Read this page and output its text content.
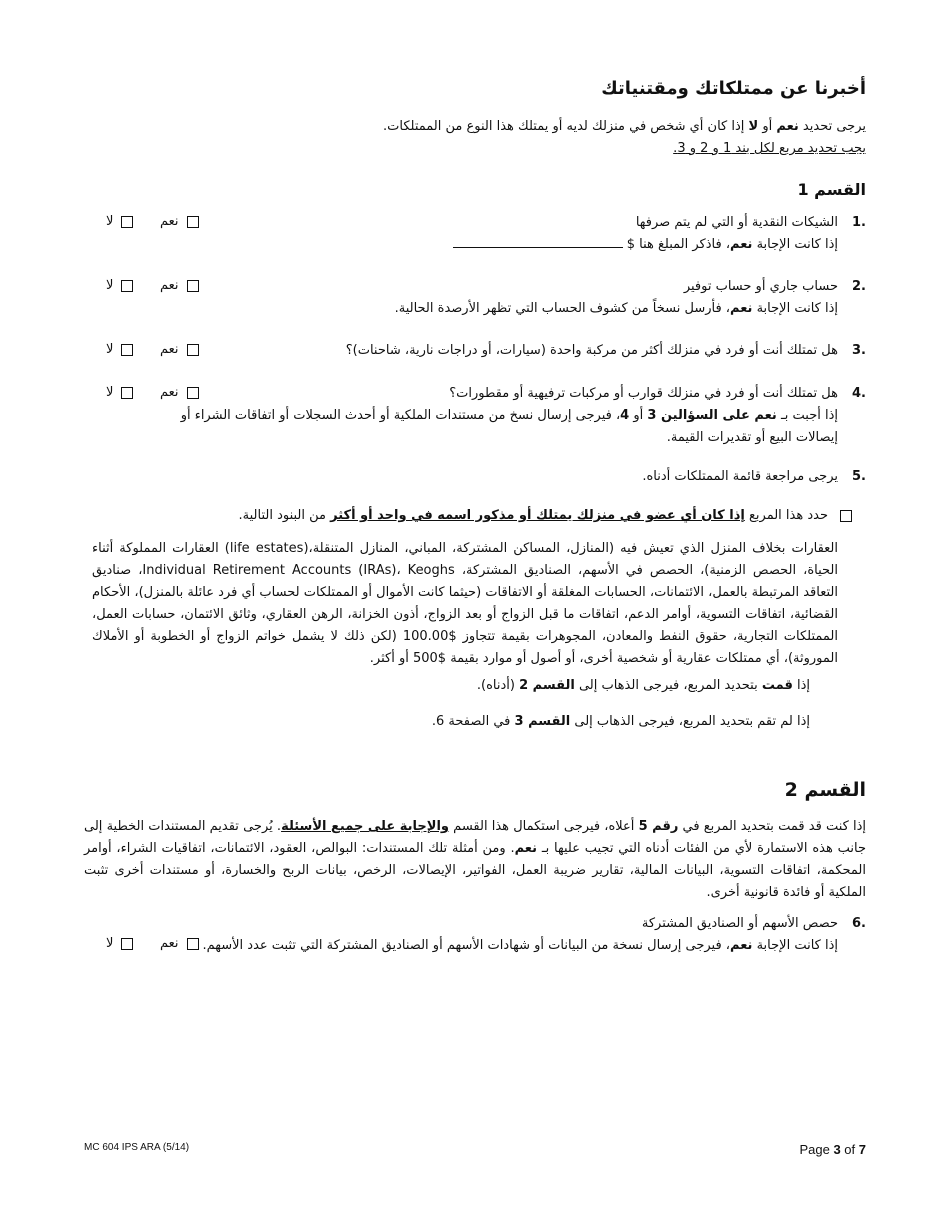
أخبرنا عن ممتلكاتك ومقتنياتك
يرجى تحديد نعم أو لا إذا كان أي شخص في منزلك لديه أو يمتلك هذا النوع من الممتلكات.
يجب تحديد مربع لكل بند 1 و 2 و 3.
القسم 1
1.
الشيكات النقدية أو التي لم يتم صرفها
إذا كانت الإجابة نعم، فاذكر المبلغ هنا $
نعم
لا
2.
حساب جاري أو حساب توفير
إذا كانت الإجابة نعم، فأرسل نسخاً من كشوف الحساب التي تظهر الأرصدة الحالية.
نعم
لا
3.
هل تمتلك أنت أو فرد في منزلك أكثر من مركبة واحدة (سيارات، أو دراجات نارية، شاحنات)؟
نعم
لا
4.
هل تمتلك أنت أو فرد في منزلك قوارب أو مركبات ترفيهية أو مقطورات؟
إذا أجبت بـ نعم على السؤالين 3 أو 4، فيرجى إرسال نسخ من مستندات الملكية أو أحدث السجلات أو اتفاقات الشراء أو
إيصالات البيع أو تقديرات القيمة.
نعم
لا
5.
يرجى مراجعة قائمة الممتلكات أدناه.
حدد هذا المربع إذا كان أي عضو في منزلك يمتلك أو مذكور اسمه في واحد أو أكثر من البنود التالية.
العقارات بخلاف المنزل الذي تعيش فيه (المنازل، المساكن المشتركة، المباني، المنازل المتنقلة،(life estates) العقارات المملوكة أثناء الحياة، الحصص الزمنية)، الحصص في الأسهم، الصناديق المشتركة، Individual Retirement Accounts (IRAs)، Keoghs، صناديق التعاقد المرتبطة بالعمل، الائتمانات، الحسابات المغلقة أو الاتفاقات (حيثما كانت الأموال أو الممتلكات لحساب أي فرد عائلة بالمنزل)، الأحكام القضائية، اتفاقات التسوية، أوامر الدعم، اتفاقات ما قبل الزواج أو بعد الزواج، أذون الخزانة، الرهن العقاري، وثائق الائتمان، حسابات العمل، الممتلكات التجارية، حقوق النفط والمعادن، المجوهرات بقيمة تتجاوز $100.00 (لكن ذلك لا يشمل خواتم الزواج أو الخطوبة أو الأملاك الموروثة)، أي ممتلكات عقارية أو شخصية أخرى، أو أصول أو موارد بقيمة $500 أو أكثر.
إذا قمت بتحديد المربع، فيرجى الذهاب إلى القسم 2 (أدناه).
إذا لم تقم بتحديد المربع، فيرجى الذهاب إلى القسم 3 في الصفحة 6.
القسم 2
إذا كنت قد قمت بتحديد المربع في رقم 5 أعلاه، فيرجى استكمال هذا القسم والإجابة على جميع الأسئلة. يُرجى تقديم المستندات الخطية إلى جانب هذه الاستمارة لأي من الفئات أدناه التي تجيب عليها بـ نعم. ومن أمثلة تلك المستندات: البوالص، العقود، الائتمانات، اتفاقيات الشراء، أوامر المحكمة، اتفاقات التسوية، البيانات المالية، تقارير ضريبة العمل، الفواتير، الإيصالات، الرخص، بيانات الربح والخسارة، أو مستندات أخرى تثبت الملكية أو فائدة قانونية أخرى.
6.
حصص الأسهم أو الصناديق المشتركة
إذا كانت الإجابة نعم، فيرجى إرسال نسخة من البيانات أو شهادات الأسهم أو الصناديق المشتركة التي تثبت عدد الأسهم.
نعم
لا
MC 604 IPS ARA (5/14)	Page 3 of 7
